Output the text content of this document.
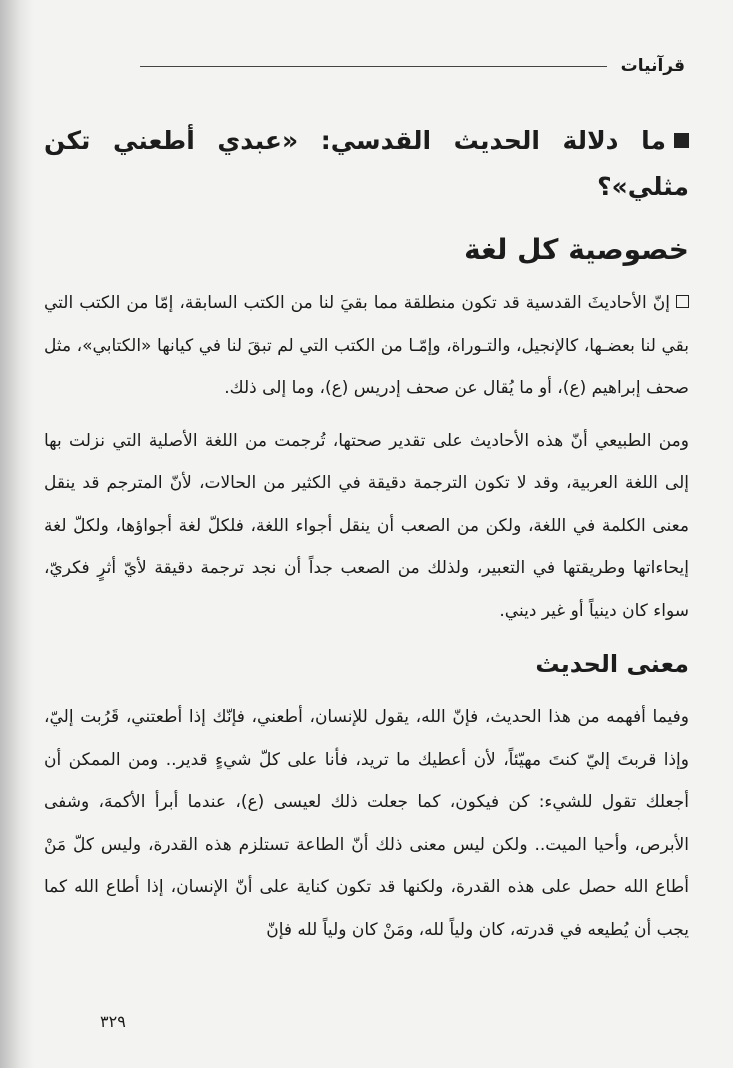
قرآنيات

ما دلالة الحديث القدسي: «عبدي أطعني تكن مثلي»؟

خصوصية كل لغة

إنّ الأحاديثَ القدسية قد تكون منطلقة مما بقيَ لنا من الكتب السابقة، إمّا من الكتب التي بقي لنا بعضـها، كالإنجيل، والتـوراة، وإمّـا من الكتب التي لم تبقَ لنا في كيانها «الكتابي»، مثل صحف إبراهيم (ع)، أو ما يُقال عن صحف إدريس (ع)، وما إلى ذلك.

ومن الطبيعي أنّ هذه الأحاديث على تقدير صحتها، تُرجمت من اللغة الأصلية التي نزلت بها إلى اللغة العربية، وقد لا تكون الترجمة دقيقة في الكثير من الحالات، لأنّ المترجم قد ينقل معنى الكلمة في اللغة، ولكن من الصعب أن ينقل أجواء اللغة، فلكلّ لغة أجواؤها، ولكلّ لغة إيحاءاتها وطريقتها في التعبير، ولذلك من الصعب جداً أن نجد ترجمة دقيقة لأيّ أثرٍ فكريّ، سواء كان دينياً أو غير ديني.

معنى الحديث

وفيما أفهمه من هذا الحديث، فإنّ الله، يقول للإنسان، أطعني، فإنّك إذا أطعتني، قَرُبت إليّ، وإذا قربتَ إليّ كنتَ مهيّئاً، لأن أعطيك ما تريد، فأنا على كلّ شيءٍ قدير.. ومن الممكن أن أجعلك تقول للشيء: كن فيكون، كما جعلت ذلك لعيسى (ع)، عندما أبرأ الأكمهَ، وشفى الأبرص، وأحيا الميت.. ولكن ليس معنى ذلك أنّ الطاعة تستلزم هذه القدرة، وليس كلّ مَنْ أطاع الله حصل على هذه القدرة، ولكنها قد تكون كناية على أنّ الإنسان، إذا أطاع الله كما يجب أن يُطيعه في قدرته، كان ولياً لله، ومَنْ كان ولياً لله فإنّ

٣٢٩
